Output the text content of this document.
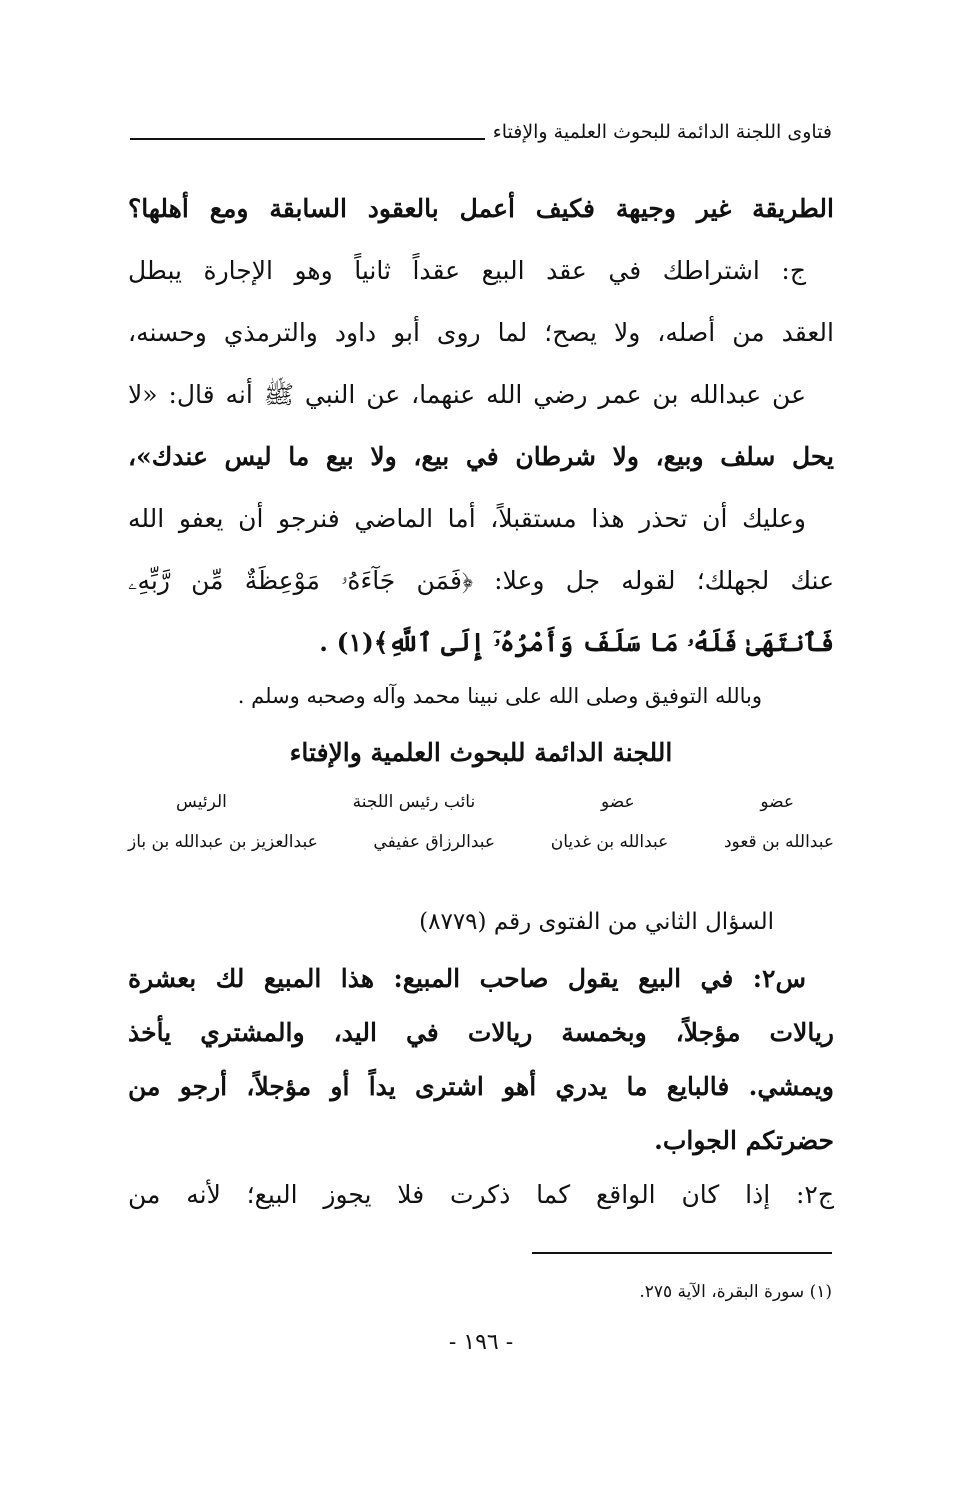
فتاوى اللجنة الدائمة للبحوث العلمية والإفتاء
الطريقة غير وجيهة فكيف أعمل بالعقود السابقة ومع أهلها؟
ج: اشتراطك في عقد البيع عقداً ثانياً وهو الإجارة يبطل
العقد من أصله، ولا يصح؛ لما روى أبو داود والترمذي وحسنه،
عن عبدالله بن عمر رضي الله عنهما، عن النبي ﷺ أنه قال: «لا
يحل سلف وبيع، ولا شرطان في بيع، ولا بيع ما ليس عندك»،
وعليك أن تحذر هذا مستقبلاً، أما الماضي فنرجو أن يعفو الله
عنك لجهلك؛ لقوله جل وعلا: ﴿فَمَن جَآءَهُۥ مَوْعِظَةٌ مِّن رَّبِّهِۦ
فَٱنتَهَىٰ فَلَهُۥ مَا سَلَفَ وَأَمْرُهُۥٓ إِلَى ٱللَّهِ﴾(١) .
وبالله التوفيق وصلى الله على نبينا محمد وآله وصحبه وسلم .
اللجنة الدائمة للبحوث العلمية والإفتاء
عضو
عضو
نائب رئيس اللجنة
الرئيس
عبدالله بن قعود
عبدالله بن غديان
عبدالرزاق عفيفي
عبدالعزيز بن عبدالله بن باز
السؤال الثاني من الفتوى رقم (٨٧٧٩)
س٢: في البيع يقول صاحب المبيع: هذا المبيع لك بعشرة
ريالات مؤجلاً، وبخمسة ريالات في اليد، والمشتري يأخذ
ويمشي. فالبايع ما يدري أهو اشترى يداً أو مؤجلاً، أرجو من
حضرتكم الجواب.
ج٢: إذا كان الواقع كما ذكرت فلا يجوز البيع؛ لأنه من
(١) سورة البقرة، الآية ٢٧٥.
- ١٩٦ -
